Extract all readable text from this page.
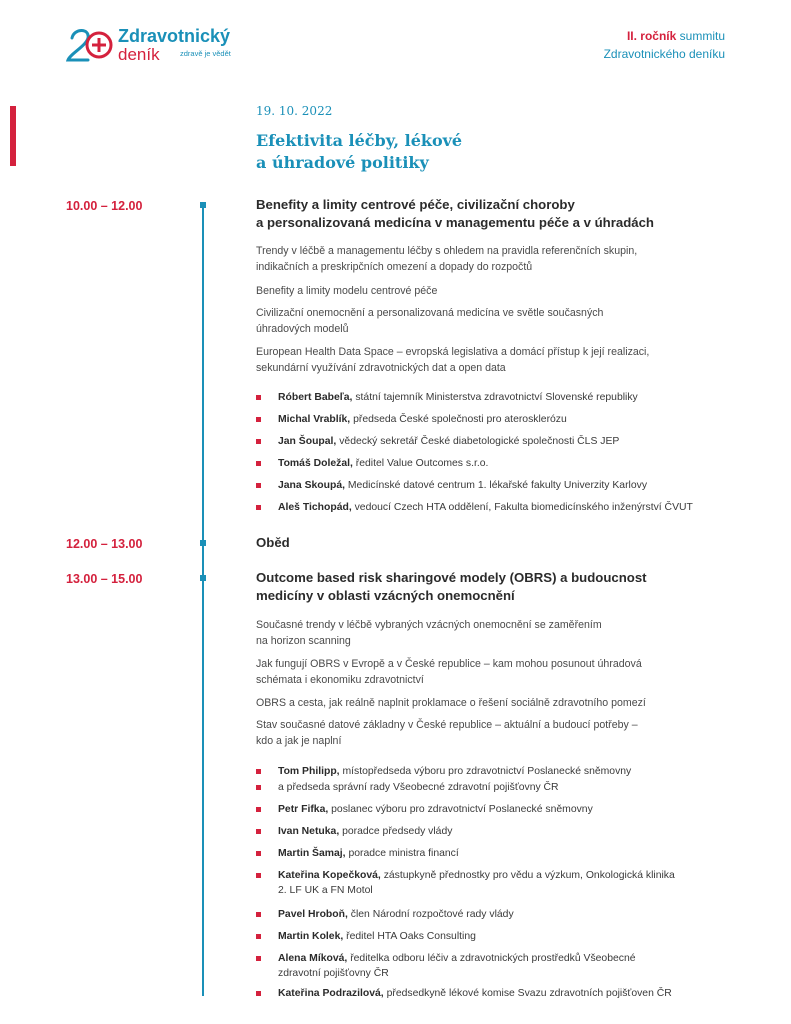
Zdravotnický
deník	zdravě je vědět
II. ročník summitu
Zdravotnického deníku
19. 10. 2022
Efektivita léčby, lékové
a úhradové politiky
10.00 – 12.00	Benefity a limity centrové péče, civilizační choroby
a personalizovaná medicína v managementu péče a v úhradách
Trendy v léčbě a managementu léčby s ohledem na pravidla referenčních skupin,
indikačních a preskripčních omezení a dopady do rozpočtů
Benefity a limity modelu centrové péče
Civilizační onemocnění a personalizovaná medicína ve světle současných
úhradových modelů
European Health Data Space – evropská legislativa a domácí přístup k její realizaci,
sekundární využívání zdravotnických dat a open data
Róbert Babeľa, státní tajemník Ministerstva zdravotnictví Slovenské republiky
Michal Vrablík, předseda České společnosti pro aterosklerózu
Jan Šoupal, vědecký sekretář České diabetologické společnosti ČLS JEP
Tomáš Doležal, ředitel Value Outcomes s.r.o.
Jana Skoupá, Medicínské datové centrum 1. lékařské fakulty Univerzity Karlovy
Aleš Tichopád, vedoucí Czech HTA oddělení, Fakulta biomedicínského inženýrství ČVUT
12.00 – 13.00	Oběd
13.00 – 15.00	Outcome based risk sharingové modely (OBRS) a budoucnost
medicíny v oblasti vzácných onemocnění
Současné trendy v léčbě vybraných vzácných onemocnění se zaměřením
na horizon scanning
Jak fungují OBRS v Evropě a v České republice – kam mohou posunout úhradová
schémata i ekonomiku zdravotnictví
OBRS a cesta, jak reálně naplnit proklamace o řešení sociálně zdravotního pomezí
Stav současné datové základny v České republice – aktuální a budoucí potřeby –
kdo a jak je naplní
Tom Philipp, místopředseda výboru pro zdravotnictví Poslanecké sněmovny
a předseda správní rady Všeobecné zdravotní pojišťovny ČR
Petr Fifka, poslanec výboru pro zdravotnictví Poslanecké sněmovny
Ivan Netuka, poradce předsedy vlády
Martin Šamaj, poradce ministra financí
Kateřina Kopečková, zástupkyně přednostky pro vědu a výzkum, Onkologická klinika
2. LF UK a FN Motol
Pavel Hroboň, člen Národní rozpočtové rady vlády
Martin Kolek, ředitel HTA Oaks Consulting
Alena Míková, ředitelka odboru léčiv a zdravotnických prostředků Všeobecné
zdravotní pojišťovny ČR
Kateřina Podrazilová, předsedkyně lékové komise Svazu zdravotních pojišťoven ČR
